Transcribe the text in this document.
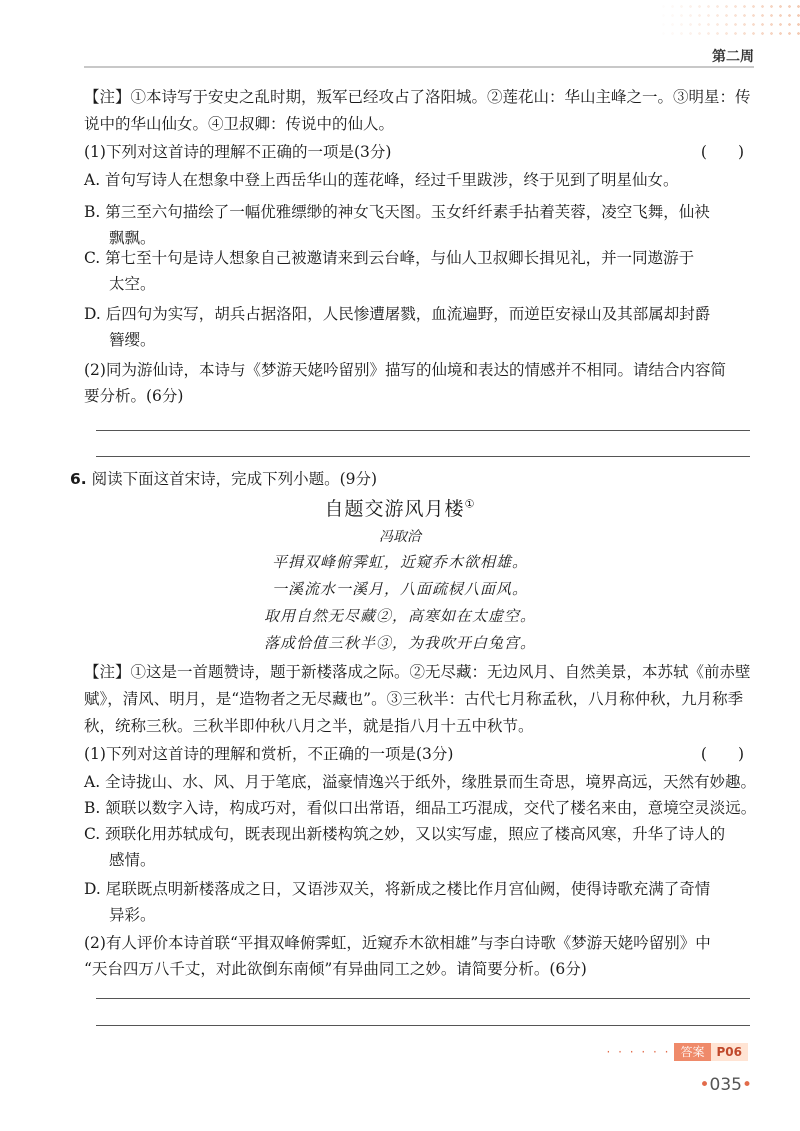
第二周
【注】①本诗写于安史之乱时期，叛军已经攻占了洛阳城。②莲花山：华山主峰之一。③明星：传
说中的华山仙女。④卫叔卿：传说中的仙人。
(1)下列对这首诗的理解不正确的一项是(3分)	(　　)
A. 首句写诗人在想象中登上西岳华山的莲花峰，经过千里跋涉，终于见到了明星仙女。
B. 第三至六句描绘了一幅优雅缥缈的神女飞天图。玉女纤纤素手拈着芙蓉，凌空飞舞，仙袂
飘飘。
C. 第七至十句是诗人想象自己被邀请来到云台峰，与仙人卫叔卿长揖见礼，并一同遨游于
太空。
D. 后四句为实写，胡兵占据洛阳，人民惨遭屠戮，血流遍野，而逆臣安禄山及其部属却封爵
簪缨。
(2)同为游仙诗，本诗与《梦游天姥吟留别》描写的仙境和表达的情感并不相同。请结合内容简
要分析。(6分)
6. 阅读下面这首宋诗，完成下列小题。(9分)
自题交游风月楼①
冯取洽
平揖双峰俯霁虹，近窥乔木欲相雄。
一溪流水一溪月，八面疏棂八面风。
取用自然无尽藏②，高寒如在太虚空。
落成恰值三秋半③，为我吹开白兔宫。
【注】①这是一首题赞诗，题于新楼落成之际。②无尽藏：无边风月、自然美景，本苏轼《前赤壁
赋》，清风、明月，是“造物者之无尽藏也”。③三秋半：古代七月称孟秋，八月称仲秋，九月称季
秋，统称三秋。三秋半即仲秋八月之半，就是指八月十五中秋节。
(1)下列对这首诗的理解和赏析，不正确的一项是(3分)	(　　)
A. 全诗拢山、水、风、月于笔底，溢豪情逸兴于纸外，缘胜景而生奇思，境界高远，天然有妙趣。
B. 颔联以数字入诗，构成巧对，看似口出常语，细品工巧混成，交代了楼名来由，意境空灵淡远。
C. 颈联化用苏轼成句，既表现出新楼构筑之妙，又以实写虚，照应了楼高风寒，升华了诗人的
感情。
D. 尾联既点明新楼落成之日，又语涉双关，将新成之楼比作月宫仙阙，使得诗歌充满了奇情
异彩。
(2)有人评价本诗首联“平揖双峰俯霁虹，近窥乔木欲相雄”与李白诗歌《梦游天姥吟留别》中
“天台四万八千丈，对此欲倒东南倾”有异曲同工之妙。请简要分析。(6分)
· · · · · · 答案	P06
•035•
